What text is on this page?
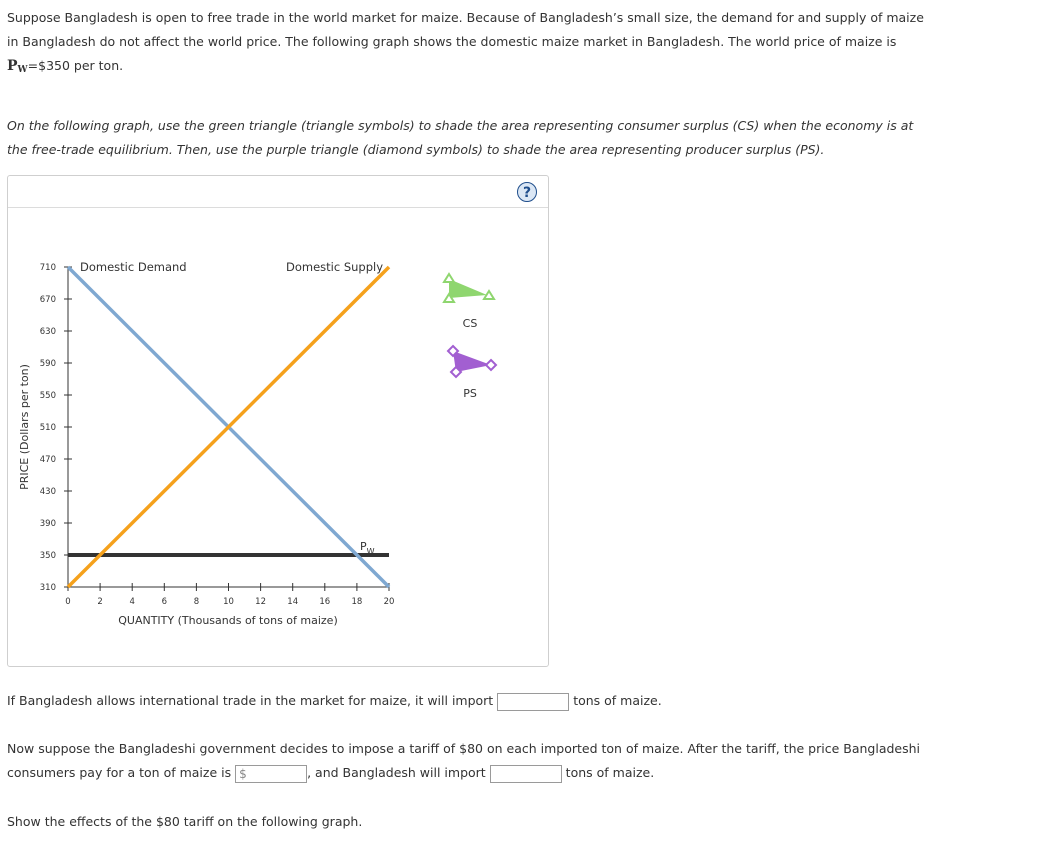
Suppose Bangladesh is open to free trade in the world market for maize. Because of Bangladesh’s small size, the demand for and supply of maize in Bangladesh do not affect the world price. The following graph shows the domestic maize market in Bangladesh. The world price of maize is PW=$350 per ton.
On the following graph, use the green triangle (triangle symbols) to shade the area representing consumer surplus (CS) when the economy is at the free-trade equilibrium. Then, use the purple triangle (diamond symbols) to shade the area representing producer surplus (PS).
?
310
350
390
430
470
510
550
590
630
670
710
0	2	4	6	8	10	12	14	16	18	20
PRICE (Dollars per ton)
QUANTITY (Thousands of tons of maize)
Domestic Demand	Domestic Supply
$P_W$
CS
PS
If Bangladesh allows international trade in the market for maize, it will import	tons of maize.
Now suppose the Bangladeshi government decides to impose a tariff of $80 on each imported ton of maize. After the tariff, the price Bangladeshi
consumers pay for a ton of maize is $	, and Bangladesh will import	tons of maize.
Show the effects of the $80 tariff on the following graph.
